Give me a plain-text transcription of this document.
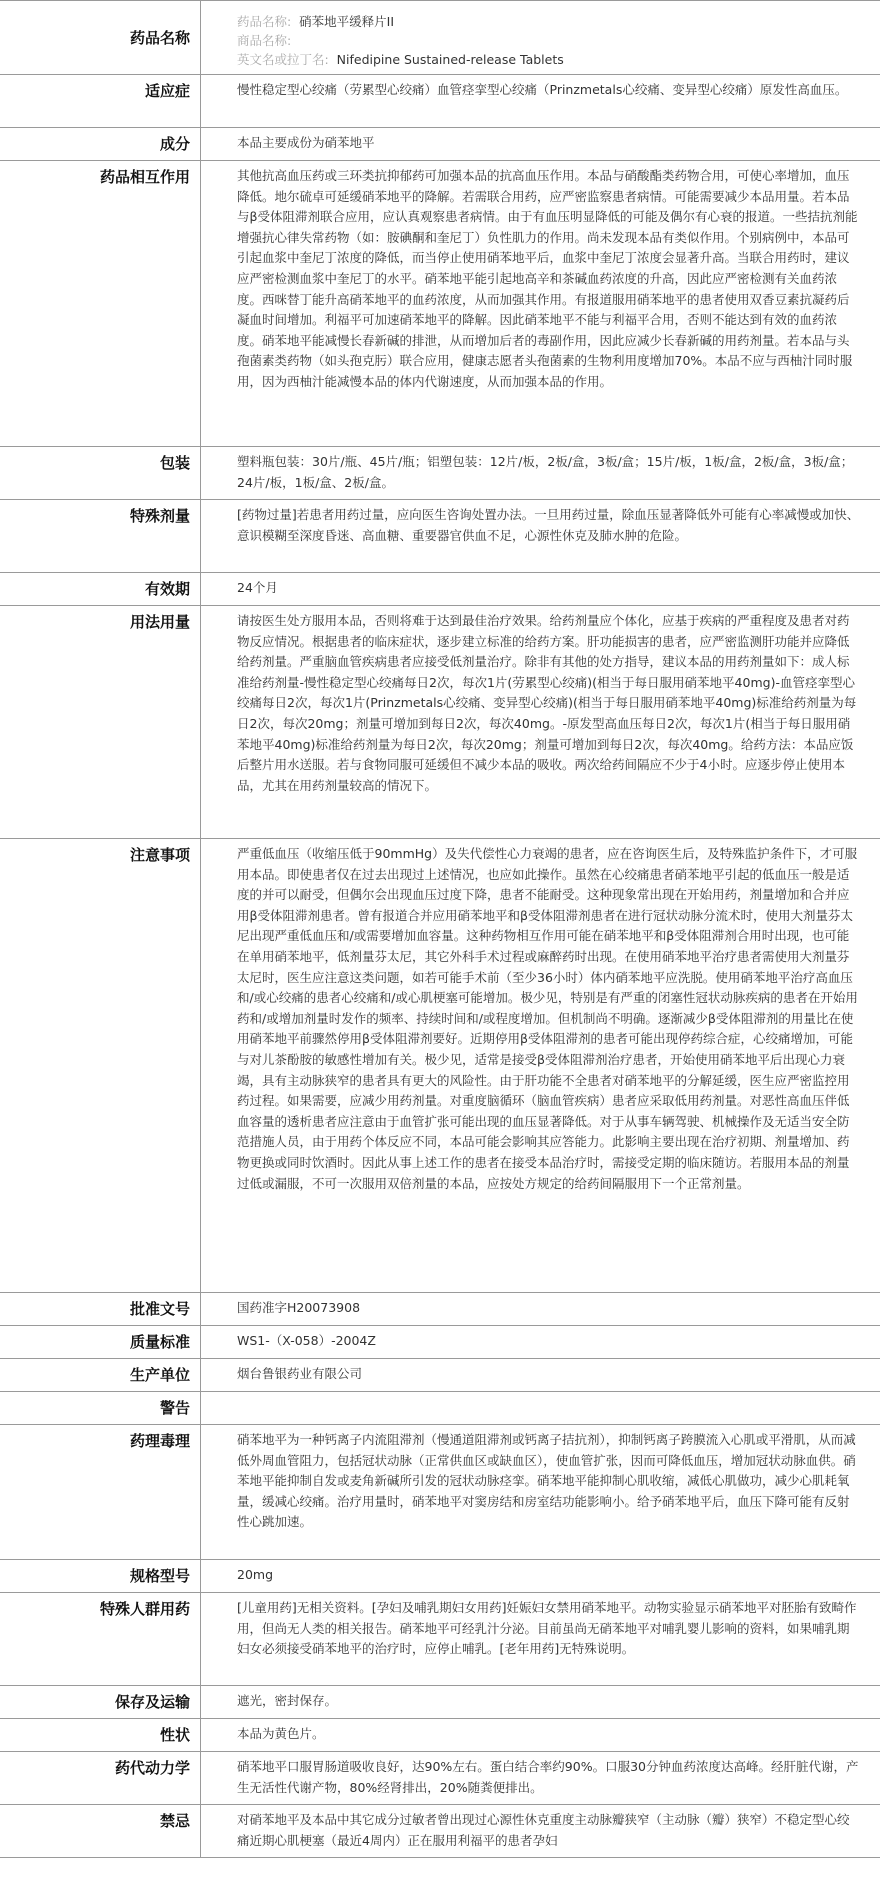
药品名称	药品名称: 硝苯地平缓释片II
商品名称:
英文名或拉丁名: Nifedipine Sustained-release Tablets

适应症	慢性稳定型心绞痛（劳累型心绞痛）血管痉挛型心绞痛（Prinzmetals心绞痛、变异型心绞痛）原发性高血压。
成分	本品主要成份为硝苯地平
药品相互作用	其他抗高血压药或三环类抗抑郁药可加强本品的抗高血压作用。本品与硝酸酯类药物合用，可使心率增加，血压降低。地尔硫卓可延缓硝苯地平的降解。若需联合用药，应严密监察患者病情。可能需要减少本品用量。若本品与β受体阻滞剂联合应用，应认真观察患者病情。由于有血压明显降低的可能及偶尔有心衰的报道。一些拮抗剂能增强抗心律失常药物（如：胺碘酮和奎尼丁）负性肌力的作用。尚未发现本品有类似作用。个别病例中，本品可引起血浆中奎尼丁浓度的降低，而当停止使用硝苯地平后，血浆中奎尼丁浓度会显著升高。当联合用药时，建议应严密检测血浆中奎尼丁的水平。硝苯地平能引起地高辛和茶碱血药浓度的升高，因此应严密检测有关血药浓度。西咪替丁能升高硝苯地平的血药浓度，从而加强其作用。有报道服用硝苯地平的患者使用双香豆素抗凝药后凝血时间增加。利福平可加速硝苯地平的降解。因此硝苯地平不能与利福平合用，否则不能达到有效的血药浓度。硝苯地平能减慢长春新碱的排泄，从而增加后者的毒副作用，因此应减少长春新碱的用药剂量。若本品与头孢菌素类药物（如头孢克肟）联合应用，健康志愿者头孢菌素的生物利用度增加70%。本品不应与西柚汁同时服用，因为西柚汁能减慢本品的体内代谢速度，从而加强本品的作用。
包装	塑料瓶包装：30片/瓶、45片/瓶；铝塑包装：12片/板，2板/盒，3板/盒；15片/板，1板/盒，2板/盒，3板/盒；24片/板，1板/盒、2板/盒。
特殊剂量	[药物过量]若患者用药过量，应向医生咨询处置办法。一旦用药过量，除血压显著降低外可能有心率减慢或加快、意识模糊至深度昏迷、高血糖、重要器官供血不足，心源性休克及肺水肿的危险。
有效期	24个月
用法用量	请按医生处方服用本品，否则将难于达到最佳治疗效果。给药剂量应个体化，应基于疾病的严重程度及患者对药物反应情况。根据患者的临床症状，逐步建立标准的给药方案。肝功能损害的患者，应严密监测肝功能并应降低给药剂量。严重脑血管疾病患者应接受低剂量治疗。除非有其他的处方指导，建议本品的用药剂量如下：成人标准给药剂量-慢性稳定型心绞痛每日2次，每次1片(劳累型心绞痛)(相当于每日服用硝苯地平40mg)-血管痉挛型心绞痛每日2次，每次1片(Prinzmetals心绞痛、变异型心绞痛)(相当于每日服用硝苯地平40mg)标准给药剂量为每日2次，每次20mg；剂量可增加到每日2次，每次40mg。-原发型高血压每日2次，每次1片(相当于每日服用硝苯地平40mg)标准给药剂量为每日2次，每次20mg；剂量可增加到每日2次，每次40mg。给药方法：本品应饭后整片用水送服。若与食物同服可延缓但不减少本品的吸收。两次给药间隔应不少于4小时。应逐步停止使用本品，尤其在用药剂量较高的情况下。
注意事项	严重低血压（收缩压低于90mmHg）及失代偿性心力衰竭的患者，应在咨询医生后，及特殊监护条件下，才可服用本品。即使患者仅在过去出现过上述情况，也应如此操作。虽然在心绞痛患者硝苯地平引起的低血压一般是适度的并可以耐受，但偶尔会出现血压过度下降，患者不能耐受。这种现象常出现在开始用药，剂量增加和合并应用β受体阻滞剂患者。曾有报道合并应用硝苯地平和β受体阻滞剂患者在进行冠状动脉分流术时，使用大剂量芬太尼出现严重低血压和/或需要增加血容量。这种药物相互作用可能在硝苯地平和β受体阻滞剂合用时出现，也可能在单用硝苯地平，低剂量芬太尼，其它外科手术过程或麻醉药时出现。在使用硝苯地平治疗患者需使用大剂量芬太尼时，医生应注意这类问题，如若可能手术前（至少36小时）体内硝苯地平应洗脱。使用硝苯地平治疗高血压和/或心绞痛的患者心绞痛和/或心肌梗塞可能增加。极少见，特别是有严重的闭塞性冠状动脉疾病的患者在开始用药和/或增加剂量时发作的频率、持续时间和/或程度增加。但机制尚不明确。逐渐减少β受体阻滞剂的用量比在使用硝苯地平前骤然停用β受体阻滞剂要好。近期停用β受体阻滞剂的患者可能出现停药综合症，心绞痛增加，可能与对儿茶酚胺的敏感性增加有关。极少见，适常是接受β受体阻滞剂治疗患者，开始使用硝苯地平后出现心力衰竭，具有主动脉狭窄的患者具有更大的风险性。由于肝功能不全患者对硝苯地平的分解延缓，医生应严密监控用药过程。如果需要，应减少用药剂量。对重度脑循环（脑血管疾病）患者应采取低用药剂量。对恶性高血压伴低血容量的透析患者应注意由于血管扩张可能出现的血压显著降低。对于从事车辆驾驶、机械操作及无适当安全防范措施人员，由于用药个体反应不同，本品可能会影响其应答能力。此影响主要出现在治疗初期、剂量增加、药物更换或同时饮酒时。因此从事上述工作的患者在接受本品治疗时，需接受定期的临床随访。若服用本品的剂量过低或漏服，不可一次服用双倍剂量的本品，应按处方规定的给药间隔服用下一个正常剂量。
批准文号	国药准字H20073908
质量标准	WS1-（X-058）-2004Z
生产单位	烟台鲁银药业有限公司
警告	
药理毒理	硝苯地平为一种钙离子内流阻滞剂（慢通道阻滞剂或钙离子拮抗剂），抑制钙离子跨膜流入心肌或平滑肌，从而减低外周血管阻力，包括冠状动脉（正常供血区或缺血区），使血管扩张，因而可降低血压，增加冠状动脉血供。硝苯地平能抑制自发或麦角新碱所引发的冠状动脉痉挛。硝苯地平能抑制心肌收缩，减低心肌做功，减少心肌耗氧量，缓减心绞痛。治疗用量时，硝苯地平对窦房结和房室结功能影响小。给予硝苯地平后，血压下降可能有反射性心跳加速。
规格型号	20mg
特殊人群用药	[儿童用药]无相关资料。[孕妇及哺乳期妇女用药]妊娠妇女禁用硝苯地平。动物实验显示硝苯地平对胚胎有致畸作用，但尚无人类的相关报告。硝苯地平可经乳汁分泌。目前虽尚无硝苯地平对哺乳婴儿影响的资料，如果哺乳期妇女必须接受硝苯地平的治疗时，应停止哺乳。[老年用药]无特殊说明。
保存及运输	遮光，密封保存。
性状	本品为黄色片。
药代动力学	硝苯地平口服胃肠道吸收良好，达90%左右。蛋白结合率约90%。口服30分钟血药浓度达高峰。经肝脏代谢，产生无活性代谢产物，80%经肾排出，20%随粪便排出。
禁忌	对硝苯地平及本品中其它成分过敏者曾出现过心源性休克重度主动脉瓣狭窄（主动脉（瓣）狭窄）不稳定型心绞痛近期心肌梗塞（最近4周内）正在服用利福平的患者孕妇
